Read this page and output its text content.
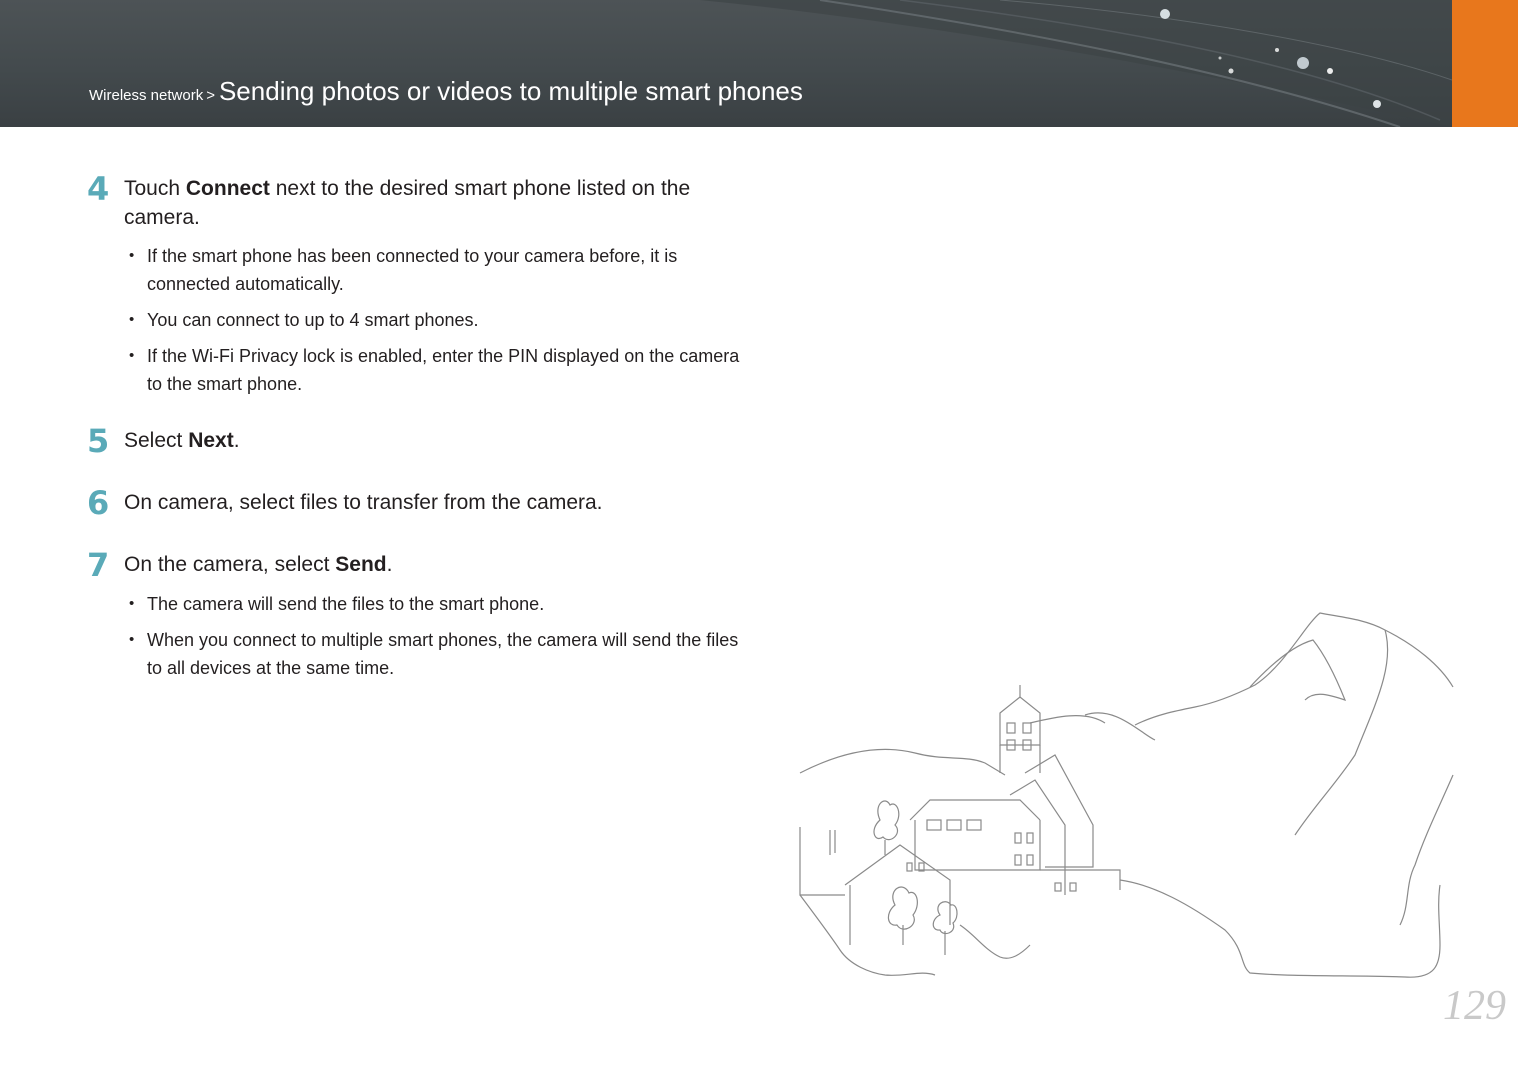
Wireless network > Sending photos or videos to multiple smart phones
4 Touch Connect next to the desired smart phone listed on the camera.
• If the smart phone has been connected to your camera before, it is connected automatically.
• You can connect to up to 4 smart phones.
• If the Wi-Fi Privacy lock is enabled, enter the PIN displayed on the camera to the smart phone.
5 Select Next.
6 On camera, select files to transfer from the camera.
7 On the camera, select Send.
• The camera will send the files to the smart phone.
• When you connect to multiple smart phones, the camera will send the files to all devices at the same time.
129
